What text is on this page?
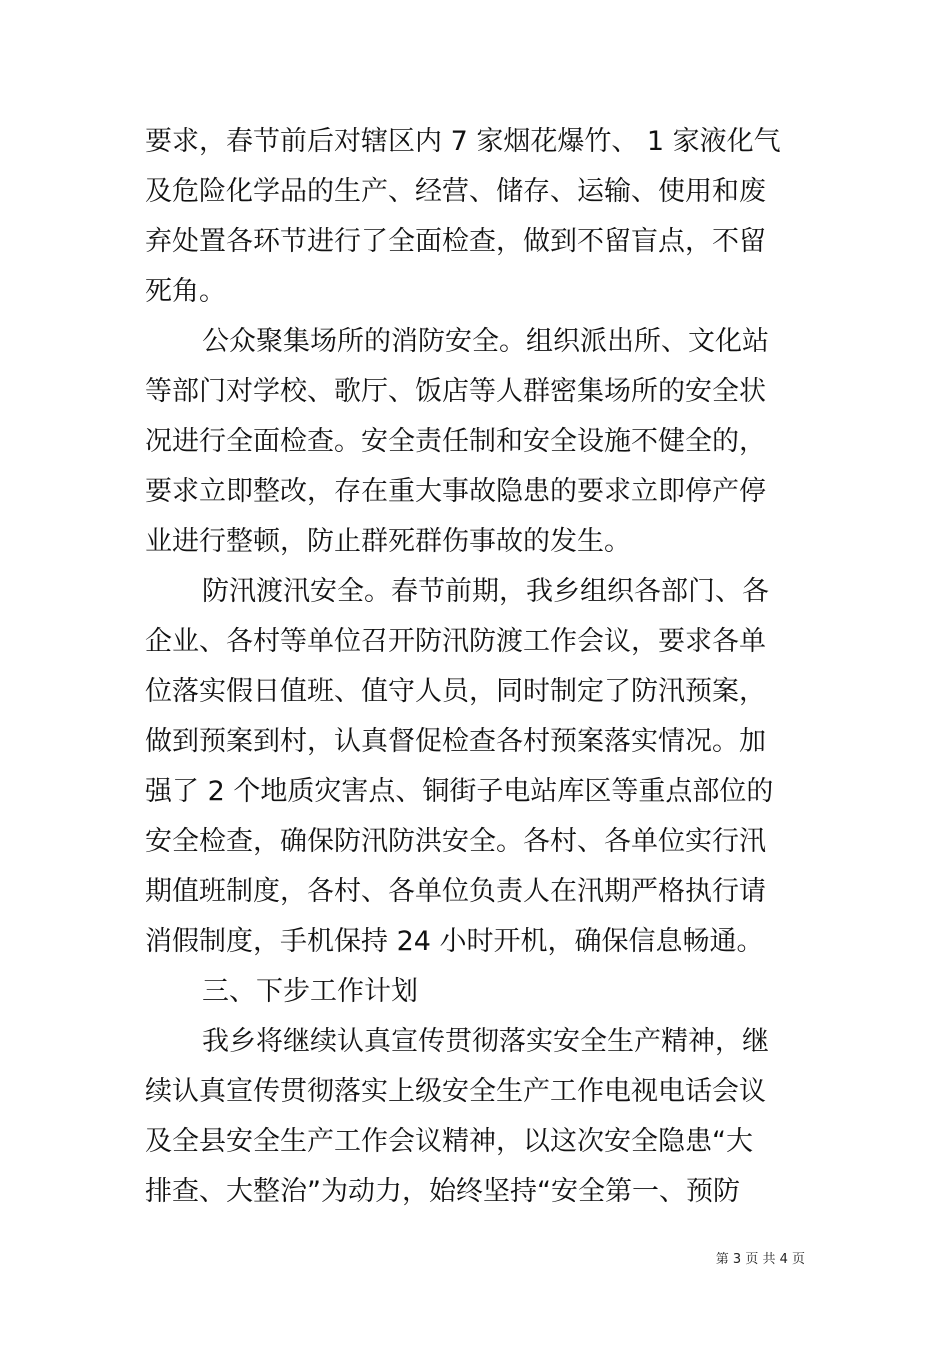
要求，春节前后对辖区内 7 家烟花爆竹、 1 家液化气
及危险化学品的生产、经营、储存、运输、使用和废
弃处置各环节进行了全面检查，做到不留盲点，不留
死角。
公众聚集场所的消防安全。组织派出所、文化站
等部门对学校、歌厅、饭店等人群密集场所的安全状
况进行全面检查。安全责任制和安全设施不健全的，
要求立即整改，存在重大事故隐患的要求立即停产停
业进行整顿，防止群死群伤事故的发生。
防汛渡汛安全。春节前期，我乡组织各部门、各
企业、各村等单位召开防汛防渡工作会议，要求各单
位落实假日值班、值守人员，同时制定了防汛预案，
做到预案到村，认真督促检查各村预案落实情况。加
强了 2 个地质灾害点、铜街子电站库区等重点部位的
安全检查，确保防汛防洪安全。各村、各单位实行汛
期值班制度，各村、各单位负责人在汛期严格执行请
消假制度，手机保持 24 小时开机，确保信息畅通。
三、下步工作计划
我乡将继续认真宣传贯彻落实安全生产精神，继
续认真宣传贯彻落实上级安全生产工作电视电话会议
及全县安全生产工作会议精神，以这次安全隐患“大
排查、大整治”为动力，始终坚持“安全第一、预防
第 3 页 共 4 页
